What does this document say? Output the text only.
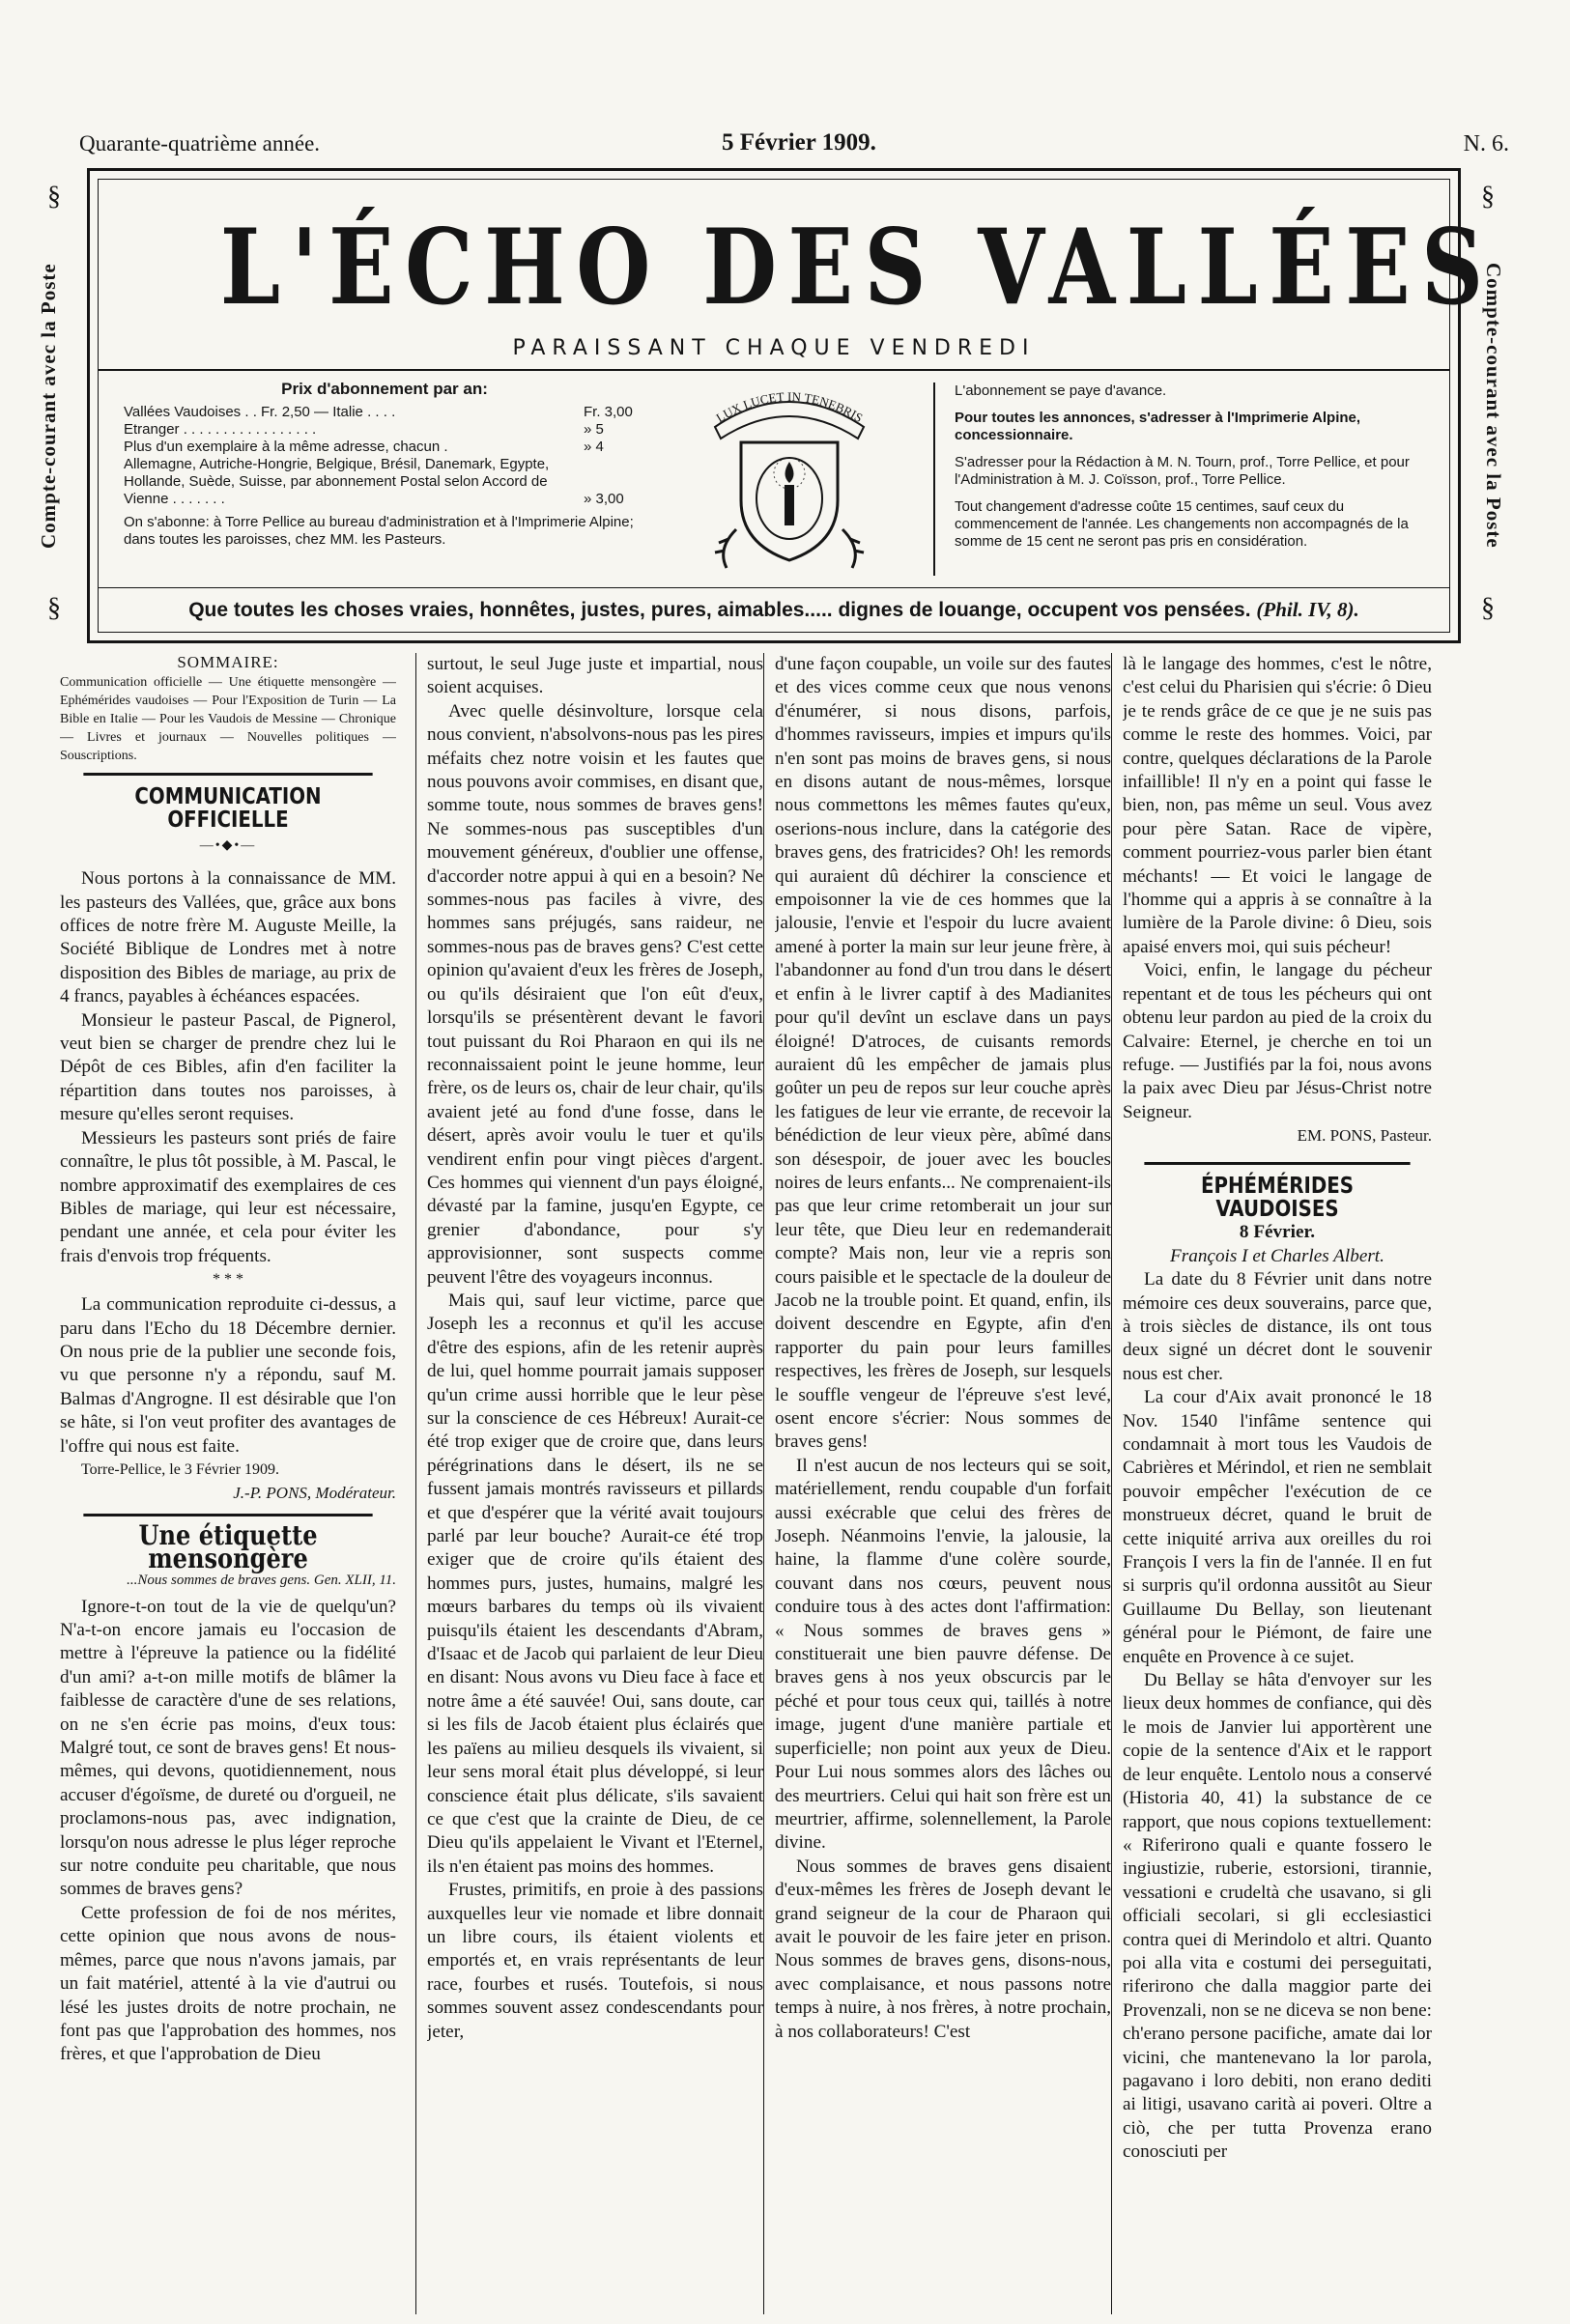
Quarante-quatrième année.	5 Février 1909.	N. 6.
§
Compte-courant avec la Poste
§
§
Compte-courant avec la Poste
§
L'ÉCHO DES VALLÉES
PARAISSANT CHAQUE VENDREDI
Prix d'abonnement par an:
Vallées Vaudoises . . Fr. 2,50 — Italie . . . .	Fr. 3,00
Etranger . . . . . . . . . . . . . . . . .	» 5
Plus d'un exemplaire à la même adresse, chacun .	» 4
Allemagne, Autriche-Hongrie, Belgique, Brésil, Danemark, Egypte, Hollande, Suède, Suisse, par abonnement Postal selon Accord de Vienne . . . . . . .	» 3,00
On s'abonne: à Torre Pellice au bureau d'administration et à l'Imprimerie Alpine; dans toutes les paroisses, chez MM. les Pasteurs.
LUX LUCET IN TENEBRIS

L'abonnement se paye d'avance.

Pour toutes les annonces, s'adresser à l'Imprimerie Alpine, concessionnaire.

S'adresser pour la Rédaction à M. N. Tourn, prof., Torre Pellice, et pour l'Administration à M. J. Coïsson, prof., Torre Pellice.

Tout changement d'adresse coûte 15 centimes, sauf ceux du commencement de l'année. Les changements non accompagnés de la somme de 15 cent ne seront pas pris en considération.

Que toutes les choses vraies, honnêtes, justes, pures, aimables..... dignes de louange, occupent vos pensées. (Phil. IV, 8).
SOMMAIRE:
Communication officielle — Une étiquette mensongère — Ephémérides vaudoises — Pour l'Exposition de Turin — La Bible en Italie — Pour les Vaudois de Messine — Chronique — Livres et journaux — Nouvelles politiques — Souscriptions.
COMMUNICATION OFFICIELLE
—•◆•—

Nous portons à la connaissance de MM. les pasteurs des Vallées, que, grâce aux bons offices de notre frère M. Auguste Meille, la Société Biblique de Londres met à notre disposition des Bibles de mariage, au prix de 4 francs, payables à échéances espacées.

Monsieur le pasteur Pascal, de Pignerol, veut bien se charger de prendre chez lui le Dépôt de ces Bibles, afin d'en faciliter la répartition dans toutes nos paroisses, à mesure qu'elles seront requises.

Messieurs les pasteurs sont priés de faire connaître, le plus tôt possible, à M. Pascal, le nombre approximatif des exemplaires de ces Bibles de mariage, qui leur est nécessaire, pendant une année, et cela pour éviter les frais d'envois trop fréquents.

* * *

La communication reproduite ci-dessus, a paru dans l'Echo du 18 Décembre dernier. On nous prie de la publier une seconde fois, vu que personne n'y a répondu, sauf M. Balmas d'Angrogne. Il est désirable que l'on se hâte, si l'on veut profiter des avantages de l'offre qui nous est faite.

Torre-Pellice, le 3 Février 1909.

J.-P. PONS, Modérateur.
Une étiquette mensongère
...Nous sommes de braves gens. Gen. XLII, 11.

Ignore-t-on tout de la vie de quelqu'un? N'a-t-on encore jamais eu l'occasion de mettre à l'épreuve la patience ou la fidélité d'un ami? a-t-on mille motifs de blâmer la faiblesse de caractère d'une de ses relations, on ne s'en écrie pas moins, d'eux tous: Malgré tout, ce sont de braves gens! Et nous-mêmes, qui devons, quotidiennement, nous accuser d'égoïsme, de dureté ou d'orgueil, ne proclamons-nous pas, avec indignation, lorsqu'on nous adresse le plus léger reproche sur notre conduite peu charitable, que nous sommes de braves gens?

Cette profession de foi de nos mérites, cette opinion que nous avons de nous-mêmes, parce que nous n'avons jamais, par un fait matériel, attenté à la vie d'autrui ou lésé les justes droits de notre prochain, ne font pas que l'approbation des hommes, nos frères, et que l'approbation de Dieu

surtout, le seul Juge juste et impartial, nous soient acquises.

Avec quelle désinvolture, lorsque cela nous convient, n'absolvons-nous pas les pires méfaits chez notre voisin et les fautes que nous pouvons avoir commises, en disant que, somme toute, nous sommes de braves gens! Ne sommes-nous pas susceptibles d'un mouvement généreux, d'oublier une offense, d'accorder notre appui à qui en a besoin? Ne sommes-nous pas faciles à vivre, des hommes sans préjugés, sans raideur, ne sommes-nous pas de braves gens? C'est cette opinion qu'avaient d'eux les frères de Joseph, ou qu'ils désiraient que l'on eût d'eux, lorsqu'ils se présentèrent devant le favori tout puissant du Roi Pharaon en qui ils ne reconnaissaient point le jeune homme, leur frère, os de leurs os, chair de leur chair, qu'ils avaient jeté au fond d'une fosse, dans le désert, après avoir voulu le tuer et qu'ils vendirent enfin pour vingt pièces d'argent. Ces hommes qui viennent d'un pays éloigné, dévasté par la famine, jusqu'en Egypte, ce grenier d'abondance, pour s'y approvisionner, sont suspects comme peuvent l'être des voyageurs inconnus.

Mais qui, sauf leur victime, parce que Joseph les a reconnus et qu'il les accuse d'être des espions, afin de les retenir auprès de lui, quel homme pourrait jamais supposer qu'un crime aussi horrible que le leur pèse sur la conscience de ces Hébreux! Aurait-ce été trop exiger que de croire que, dans leurs pérégrinations dans le désert, ils ne se fussent jamais montrés ravisseurs et pillards et que d'espérer que la vérité avait toujours parlé par leur bouche? Aurait-ce été trop exiger que de croire qu'ils étaient des hommes purs, justes, humains, malgré les mœurs barbares du temps où ils vivaient puisqu'ils étaient les descendants d'Abram, d'Isaac et de Jacob qui parlaient de leur Dieu en disant: Nous avons vu Dieu face à face et notre âme a été sauvée! Oui, sans doute, car si les fils de Jacob étaient plus éclairés que les païens au milieu desquels ils vivaient, si leur sens moral était plus développé, si leur conscience était plus délicate, s'ils savaient ce que c'est que la crainte de Dieu, de ce Dieu qu'ils appelaient le Vivant et l'Eternel, ils n'en étaient pas moins des hommes.

Frustes, primitifs, en proie à des passions auxquelles leur vie nomade et libre donnait un libre cours, ils étaient violents et emportés et, en vrais représentants de leur race, fourbes et rusés. Toutefois, si nous sommes souvent assez condescendants pour jeter,

d'une façon coupable, un voile sur des fautes et des vices comme ceux que nous venons d'énumérer, si nous disons, parfois, d'hommes ravisseurs, impies et impurs qu'ils n'en sont pas moins de braves gens, si nous en disons autant de nous-mêmes, lorsque nous commettons les mêmes fautes qu'eux, oserions-nous inclure, dans la catégorie des braves gens, des fratricides? Oh! les remords qui auraient dû déchirer la conscience et empoisonner la vie de ces hommes que la jalousie, l'envie et l'espoir du lucre avaient amené à porter la main sur leur jeune frère, à l'abandonner au fond d'un trou dans le désert et enfin à le livrer captif à des Madianites pour qu'il devînt un esclave dans un pays éloigné! D'atroces, de cuisants remords auraient dû les empêcher de jamais plus goûter un peu de repos sur leur couche après les fatigues de leur vie errante, de recevoir la bénédiction de leur vieux père, abîmé dans son désespoir, de jouer avec les boucles noires de leurs enfants... Ne comprenaient-ils pas que leur crime retomberait un jour sur leur tête, que Dieu leur en redemanderait compte? Mais non, leur vie a repris son cours paisible et le spectacle de la douleur de Jacob ne la trouble point. Et quand, enfin, ils doivent descendre en Egypte, afin d'en rapporter du pain pour leurs familles respectives, les frères de Joseph, sur lesquels le souffle vengeur de l'épreuve s'est levé, osent encore s'écrier: Nous sommes de braves gens!

Il n'est aucun de nos lecteurs qui se soit, matériellement, rendu coupable d'un forfait aussi exécrable que celui des frères de Joseph. Néanmoins l'envie, la jalousie, la haine, la flamme d'une colère sourde, couvant dans nos cœurs, peuvent nous conduire tous à des actes dont l'affirmation: « Nous sommes de braves gens » constituerait une bien pauvre défense. De braves gens à nos yeux obscurcis par le péché et pour tous ceux qui, taillés à notre image, jugent d'une manière partiale et superficielle; non point aux yeux de Dieu. Pour Lui nous sommes alors des lâches ou des meurtriers. Celui qui hait son frère est un meurtrier, affirme, solennellement, la Parole divine.

Nous sommes de braves gens disaient d'eux-mêmes les frères de Joseph devant le grand seigneur de la cour de Pharaon qui avait le pouvoir de les faire jeter en prison. Nous sommes de braves gens, disons-nous, avec complaisance, et nous passons notre temps à nuire, à nos frères, à notre prochain, à nos collaborateurs! C'est

là le langage des hommes, c'est le nôtre, c'est celui du Pharisien qui s'écrie: ô Dieu je te rends grâce de ce que je ne suis pas comme le reste des hommes. Voici, par contre, quelques déclarations de la Parole infaillible! Il n'y en a point qui fasse le bien, non, pas même un seul. Vous avez pour père Satan. Race de vipère, comment pourriez-vous parler bien étant méchants! — Et voici le langage de l'homme qui a appris à se connaître à la lumière de la Parole divine: ô Dieu, sois apaisé envers moi, qui suis pécheur!

Voici, enfin, le langage du pécheur repentant et de tous les pécheurs qui ont obtenu leur pardon au pied de la croix du Calvaire: Eternel, je cherche en toi un refuge. — Justifiés par la foi, nous avons la paix avec Dieu par Jésus-Christ notre Seigneur.

EM. PONS, Pasteur.
ÉPHÉMÉRIDES VAUDOISES
8 Février.
François I et Charles Albert.

La date du 8 Février unit dans notre mémoire ces deux souverains, parce que, à trois siècles de distance, ils ont tous deux signé un décret dont le souvenir nous est cher.

La cour d'Aix avait prononcé le 18 Nov. 1540 l'infâme sentence qui condamnait à mort tous les Vaudois de Cabrières et Mérindol, et rien ne semblait pouvoir empêcher l'exécution de ce monstrueux décret, quand le bruit de cette iniquité arriva aux oreilles du roi François I vers la fin de l'année. Il en fut si surpris qu'il ordonna aussitôt au Sieur Guillaume Du Bellay, son lieutenant général pour le Piémont, de faire une enquête en Provence à ce sujet.

Du Bellay se hâta d'envoyer sur les lieux deux hommes de confiance, qui dès le mois de Janvier lui apportèrent une copie de la sentence d'Aix et le rapport de leur enquête. Lentolo nous a conservé (Historia 40, 41) la substance de ce rapport, que nous copions textuellement: « Riferirono quali e quante fossero le ingiustizie, ruberie, estorsioni, tirannie, vessationi e crudeltà che usavano, si gli officiali secolari, si gli ecclesiastici contra quei di Merindolo et altri. Quanto poi alla vita e costumi dei perseguitati, riferirono che dalla maggior parte dei Provenzali, non se ne diceva se non bene: ch'erano persone pacifiche, amate dai lor vicini, che mantenevano la lor parola, pagavano i loro debiti, non erano dediti ai litigi, usavano carità ai poveri. Oltre a ciò, che per tutta Provenza erano conosciuti per
